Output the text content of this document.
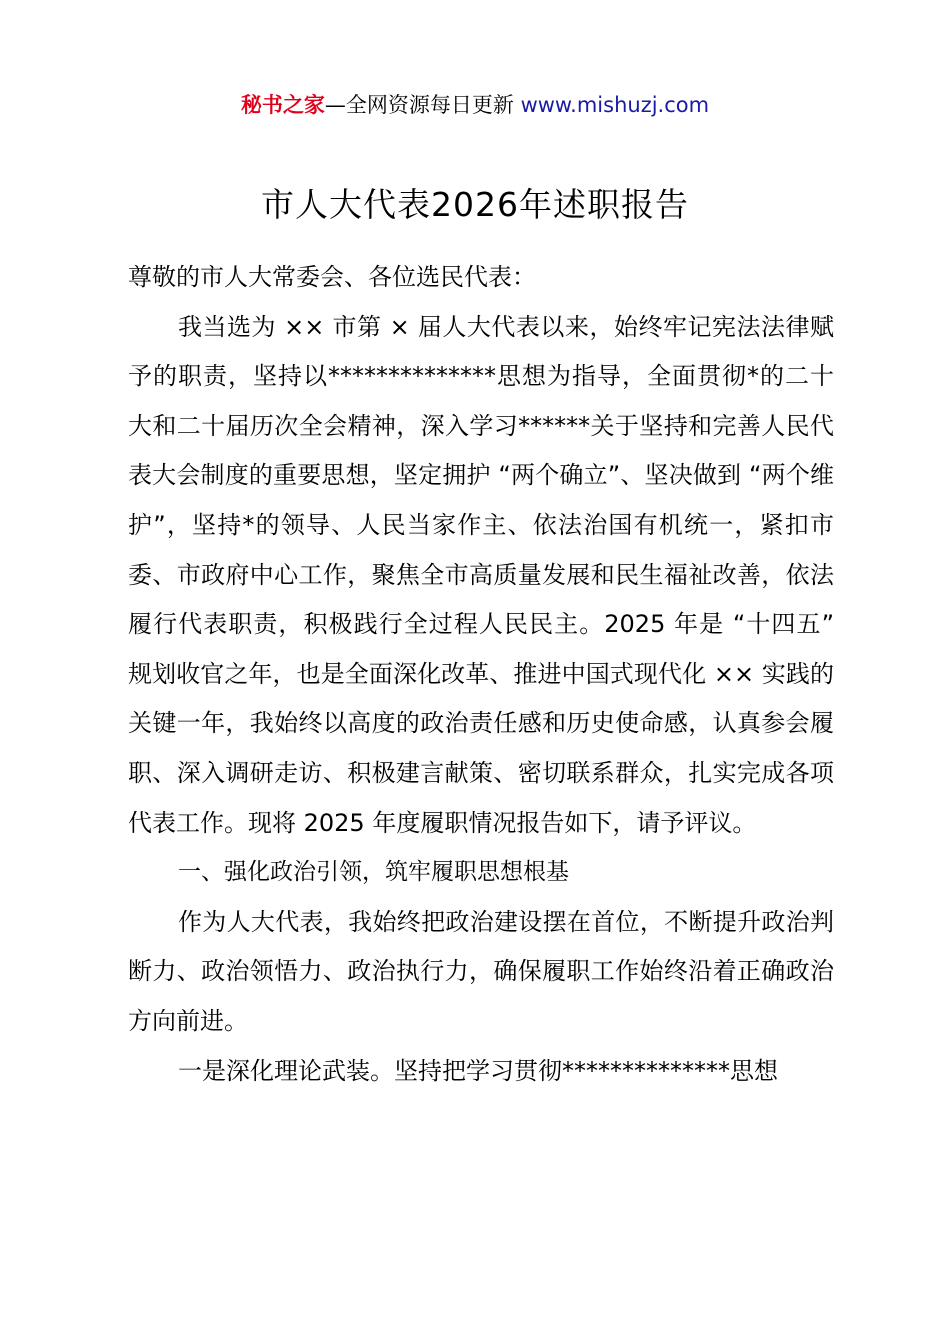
秘书之家—全网资源每日更新 www.mishuzj.com
市人大代表2026年述职报告

尊敬的市人大常委会、各位选民代表：

我当选为 ×× 市第 × 届人大代表以来，始终牢记宪法法律赋予的职责，坚持以**************思想为指导，全面贯彻*的二十大和二十届历次全会精神，深入学习******关于坚持和完善人民代表大会制度的重要思想，坚定拥护 “两个确立”、坚决做到 “两个维护”，坚持*的领导、人民当家作主、依法治国有机统一，紧扣市委、市政府中心工作，聚焦全市高质量发展和民生福祉改善，依法履行代表职责，积极践行全过程人民民主。2025 年是 “十四五” 规划收官之年，也是全面深化改革、推进中国式现代化 ×× 实践的关键一年，我始终以高度的政治责任感和历史使命感，认真参会履职、深入调研走访、积极建言献策、密切联系群众，扎实完成各项代表工作。现将 2025 年度履职情况报告如下，请予评议。

一、强化政治引领，筑牢履职思想根基

作为人大代表，我始终把政治建设摆在首位，不断提升政治判断力、政治领悟力、政治执行力，确保履职工作始终沿着正确政治方向前进。

一是深化理论武装。坚持把学习贯彻**************思想
